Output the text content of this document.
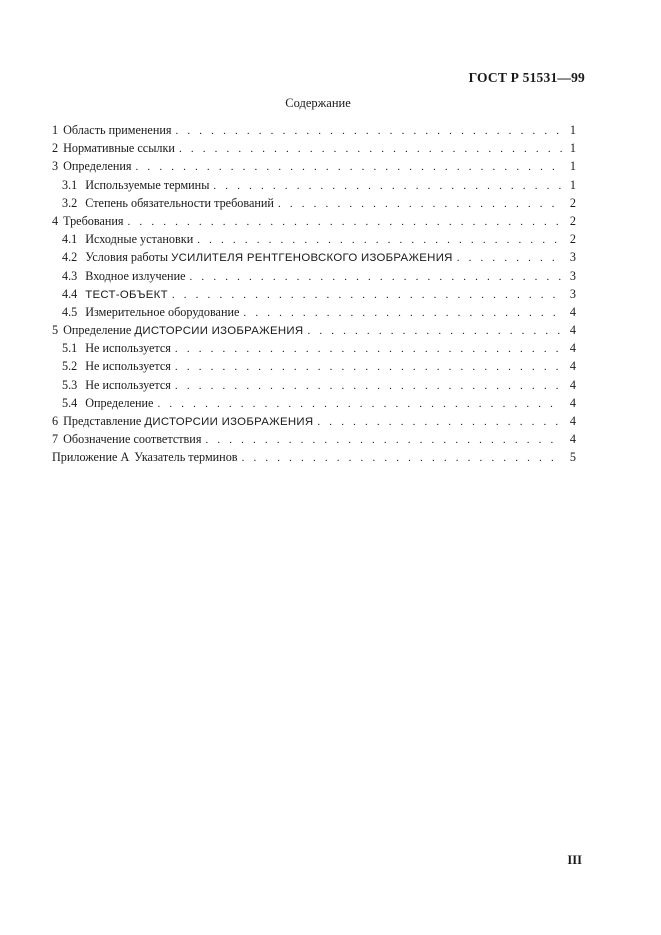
ГОСТ Р 51531—99
Содержание
1 Область применения . . .	1
2 Нормативные ссылки . . .	1
3 Определения . . .	1
3.1 Используемые термины . . .	1
3.2 Степень обязательности требований . . .	2
4 Требования . . .	2
4.1 Исходные установки . . .	2
4.2 Условия работы УСИЛИТЕЛЯ РЕНТГЕНОВСКОГО ИЗОБРАЖЕНИЯ . . .	3
4.3 Входное излучение . . .	3
4.4 ТЕСТ-ОБЪЕКТ . . .	3
4.5 Измерительное оборудование . . .	4
5 Определение ДИСТОРСИИ ИЗОБРАЖЕНИЯ . . .	4
5.1 Не используется . . .	4
5.2 Не используется . . .	4
5.3 Не используется . . .	4
5.4 Определение . . .	4
6 Представление ДИСТОРСИИ ИЗОБРАЖЕНИЯ . . .	4
7 Обозначение соответствия . . .	4
Приложение А Указатель терминов . . .	5
III
